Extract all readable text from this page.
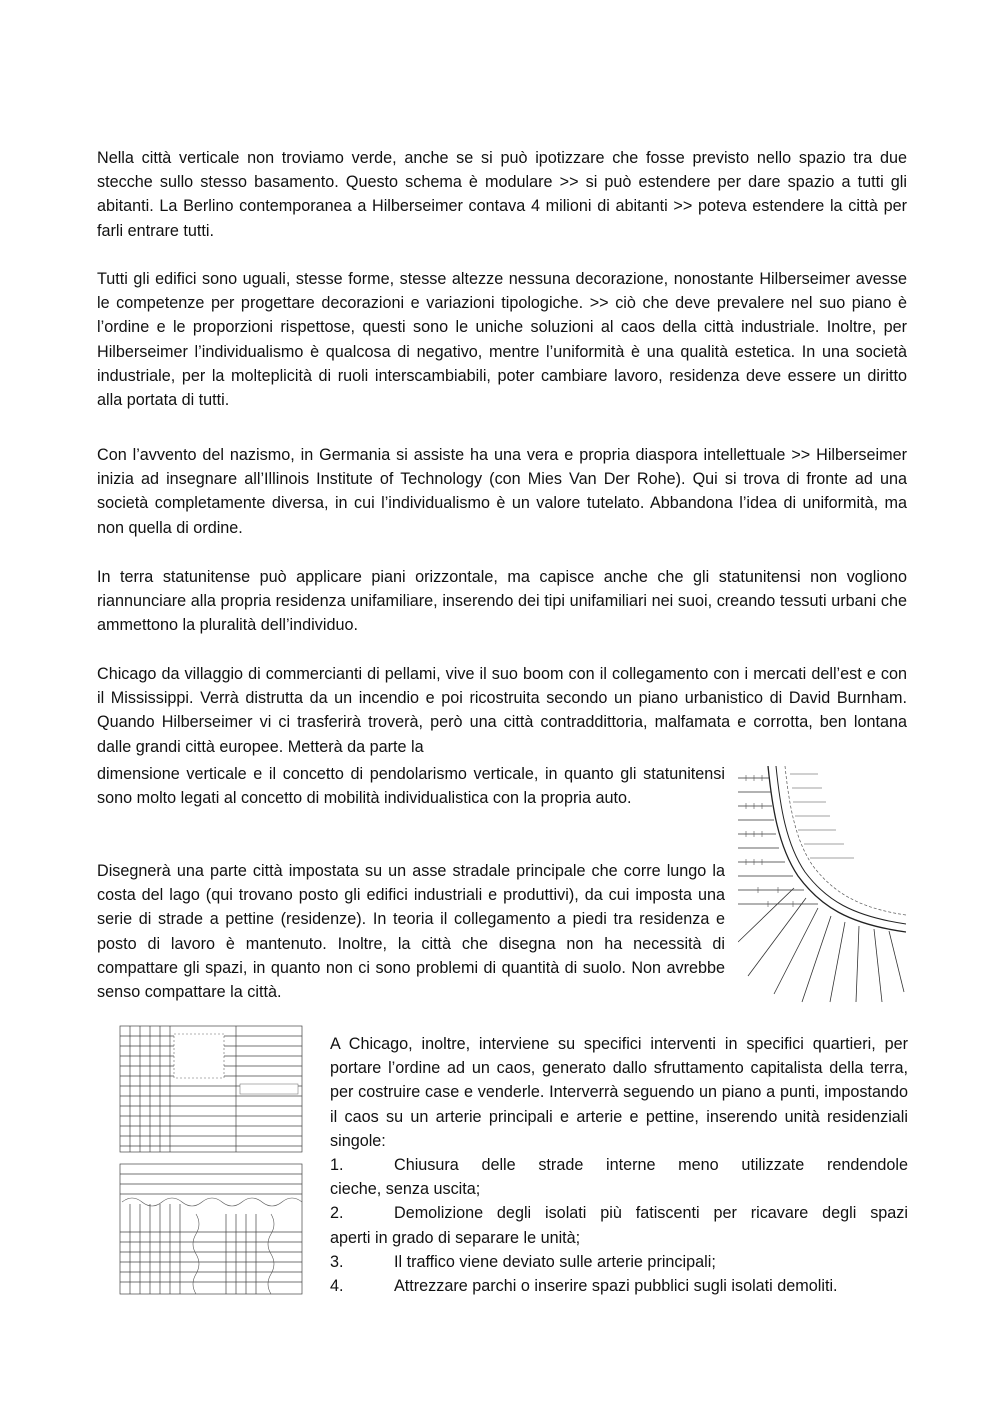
Nella città verticale non troviamo verde, anche se si può ipotizzare che fosse previsto nello spazio tra due stecche sullo stesso basamento. Questo schema è modulare >> si può estendere per dare spazio a tutti gli abitanti. La Berlino contemporanea a Hilberseimer contava 4 milioni di abitanti >> poteva estendere la città per farli entrare tutti.

Tutti gli edifici sono uguali, stesse forme, stesse altezze nessuna decorazione, nonostante Hilberseimer avesse le competenze per progettare decorazioni e variazioni tipologiche. >> ciò che deve prevalere nel suo piano è l’ordine e le proporzioni rispettose, questi sono le uniche soluzioni al caos della città industriale. Inoltre, per Hilberseimer l’individualismo è qualcosa di negativo, mentre l’uniformità è una qualità estetica. In una società industriale, per la molteplicità di ruoli interscambiabili, poter cambiare lavoro, residenza deve essere un diritto alla portata di tutti.

Con l’avvento del nazismo, in Germania si assiste ha una vera e propria diaspora intellettuale >> Hilberseimer inizia ad insegnare all’Illinois Institute of Technology (con Mies Van Der Rohe). Qui si trova di fronte ad una società completamente diversa, in cui l’individualismo è un valore tutelato. Abbandona l’idea di uniformità, ma non quella di ordine.

In terra statunitense può applicare piani orizzontale, ma capisce anche che gli statunitensi non vogliono riannunciare alla propria residenza unifamiliare, inserendo dei tipi unifamiliari nei suoi, creando tessuti urbani che ammettono la pluralità dell’individuo.

Chicago da villaggio di commercianti di pellami, vive il suo boom con il collegamento con i mercati dell’est e con il Mississippi. Verrà distrutta da un incendio e poi ricostruita secondo un piano urbanistico di David Burnham. Quando Hilberseimer vi ci trasferirà troverà, però una città contraddittoria, malfamata e corrotta, ben lontana dalle grandi città europee. Metterà da parte la

dimensione verticale e il concetto di pendolarismo verticale, in quanto gli statunitensi sono molto legati al concetto di mobilità individualistica con la propria auto.

Disegnerà una parte città impostata su un asse stradale principale che corre lungo la costa del lago (qui trovano posto gli edifici industriali e produttivi), da cui imposta una serie di strade a pettine (residenze). In teoria il collegamento a piedi tra residenza e posto di lavoro è mantenuto. Inoltre, la città che disegna non ha necessità di compattare gli spazi, in quanto non ci sono problemi di quantità di suolo. Non avrebbe senso compattare la città.

A Chicago, inoltre, interviene su specifici interventi in specifici quartieri, per portare l’ordine ad un caos, generato dallo sfruttamento capitalista della terra, per costruire case e venderle. Interverrà seguendo un piano a punti, impostando il caos su un arterie principali e arterie e pettine, inserendo unità residenziali singole:

1.	Chiusura delle strade interne meno utilizzate rendendole

cieche, senza uscita;

2.	Demolizione degli isolati più fatiscenti per ricavare degli spazi

aperti in grado di separare le unità;

3.	Il traffico viene deviato sulle arterie principali;
4.	Attrezzare parchi o inserire spazi pubblici sugli isolati demoliti.
